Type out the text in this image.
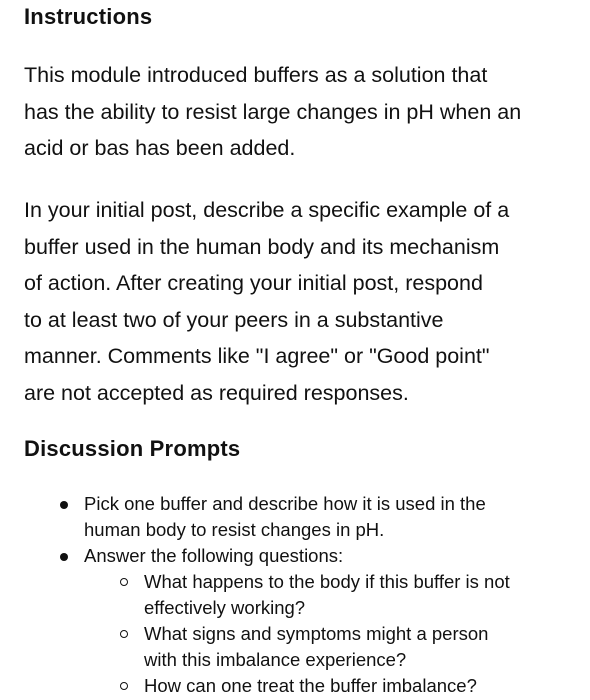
Instructions

This module introduced buffers as a solution that
has the ability to resist large changes in pH when an
acid or bas has been added.

In your initial post, describe a specific example of a
buffer used in the human body and its mechanism
of action. After creating your initial post, respond
to at least two of your peers in a substantive
manner. Comments like "I agree" or "Good point"
are not accepted as required responses.

Discussion Prompts
Pick one buffer and describe how it is used in the
human body to resist changes in pH.
Answer the following questions:
What happens to the body if this buffer is not
effectively working?
What signs and symptoms might a person
with this imbalance experience?
How can one treat the buffer imbalance?
